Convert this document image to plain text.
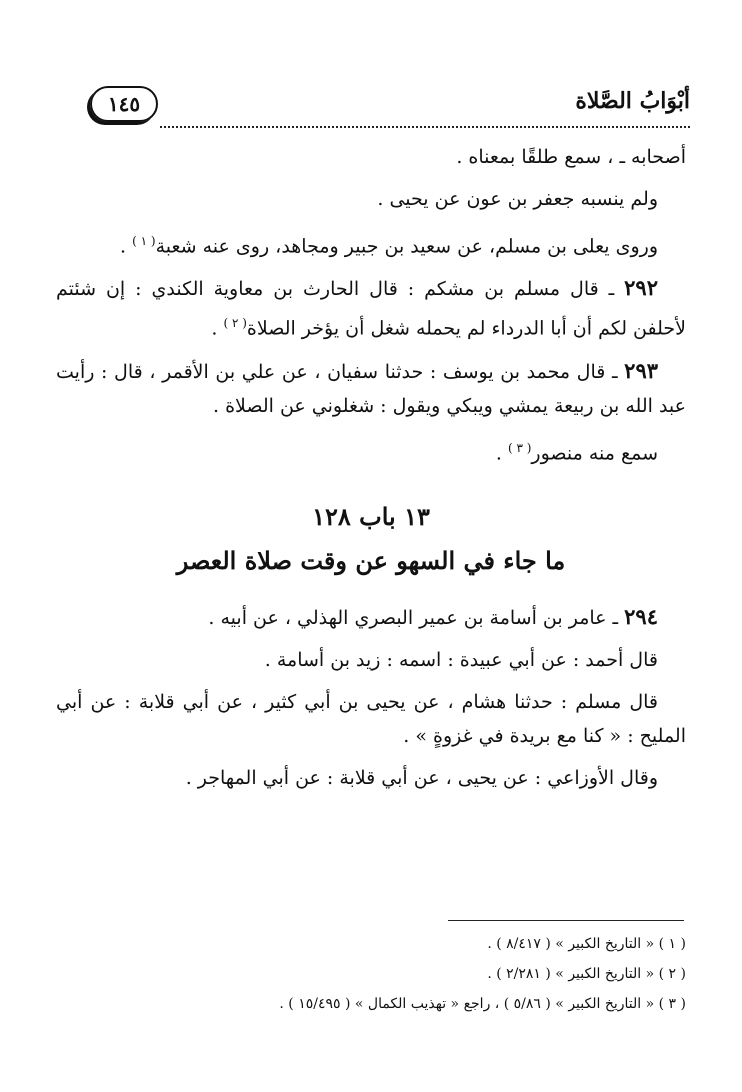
أبْوَابُ الصَّلاة
١٤٥

أصحابه ـ ، سمع طلقًا بمعناه .

ولم ينسبه جعفر بن عون عن يحيى .

وروى يعلى بن مسلم، عن سعيد بن جبير ومجاهد، روى عنه شعبة$^{( ١ )}$ .

٢٩٢ ـ قال مسلم بن مشكم : قال الحارث بن معاوية الكندي : إن شئتم لأحلفن لكم أن أبا الدرداء لم يحمله شغل أن يؤخر الصلاة$^{( ٢ )}$ .

٢٩٣ ـ قال محمد بن يوسف : حدثنا سفيان ، عن علي بن الأقمر ، قال : رأيت عبد الله بن ربيعة يمشي ويبكي ويقول : شغلوني عن الصلاة .

سمع منه منصور$^{( ٣ )}$ .

١٣ باب ١٢٨

ما جاء في السهو عن وقت صلاة العصر

٢٩٤ ـ عامر بن أسامة بن عمير البصري الهذلي ، عن أبيه .

قال أحمد : عن أبي عبيدة : اسمه : زيد بن أسامة .

قال مسلم : حدثنا هشام ، عن يحيى بن أبي كثير ، عن أبي قلابة : عن أبي المليح : « كنا مع بريدة في غزوةٍ » .

وقال الأوزاعي : عن يحيى ، عن أبي قلابة : عن أبي المهاجر .

( ١ ) « التاريخ الكبير » ( ٨/٤١٧ ) .

( ٢ ) « التاريخ الكبير » ( ٢/٢٨١ ) .

( ٣ ) « التاريخ الكبير » ( ٥/٨٦ ) ، راجع « تهذيب الكمال » ( ١٥/٤٩٥ ) .
